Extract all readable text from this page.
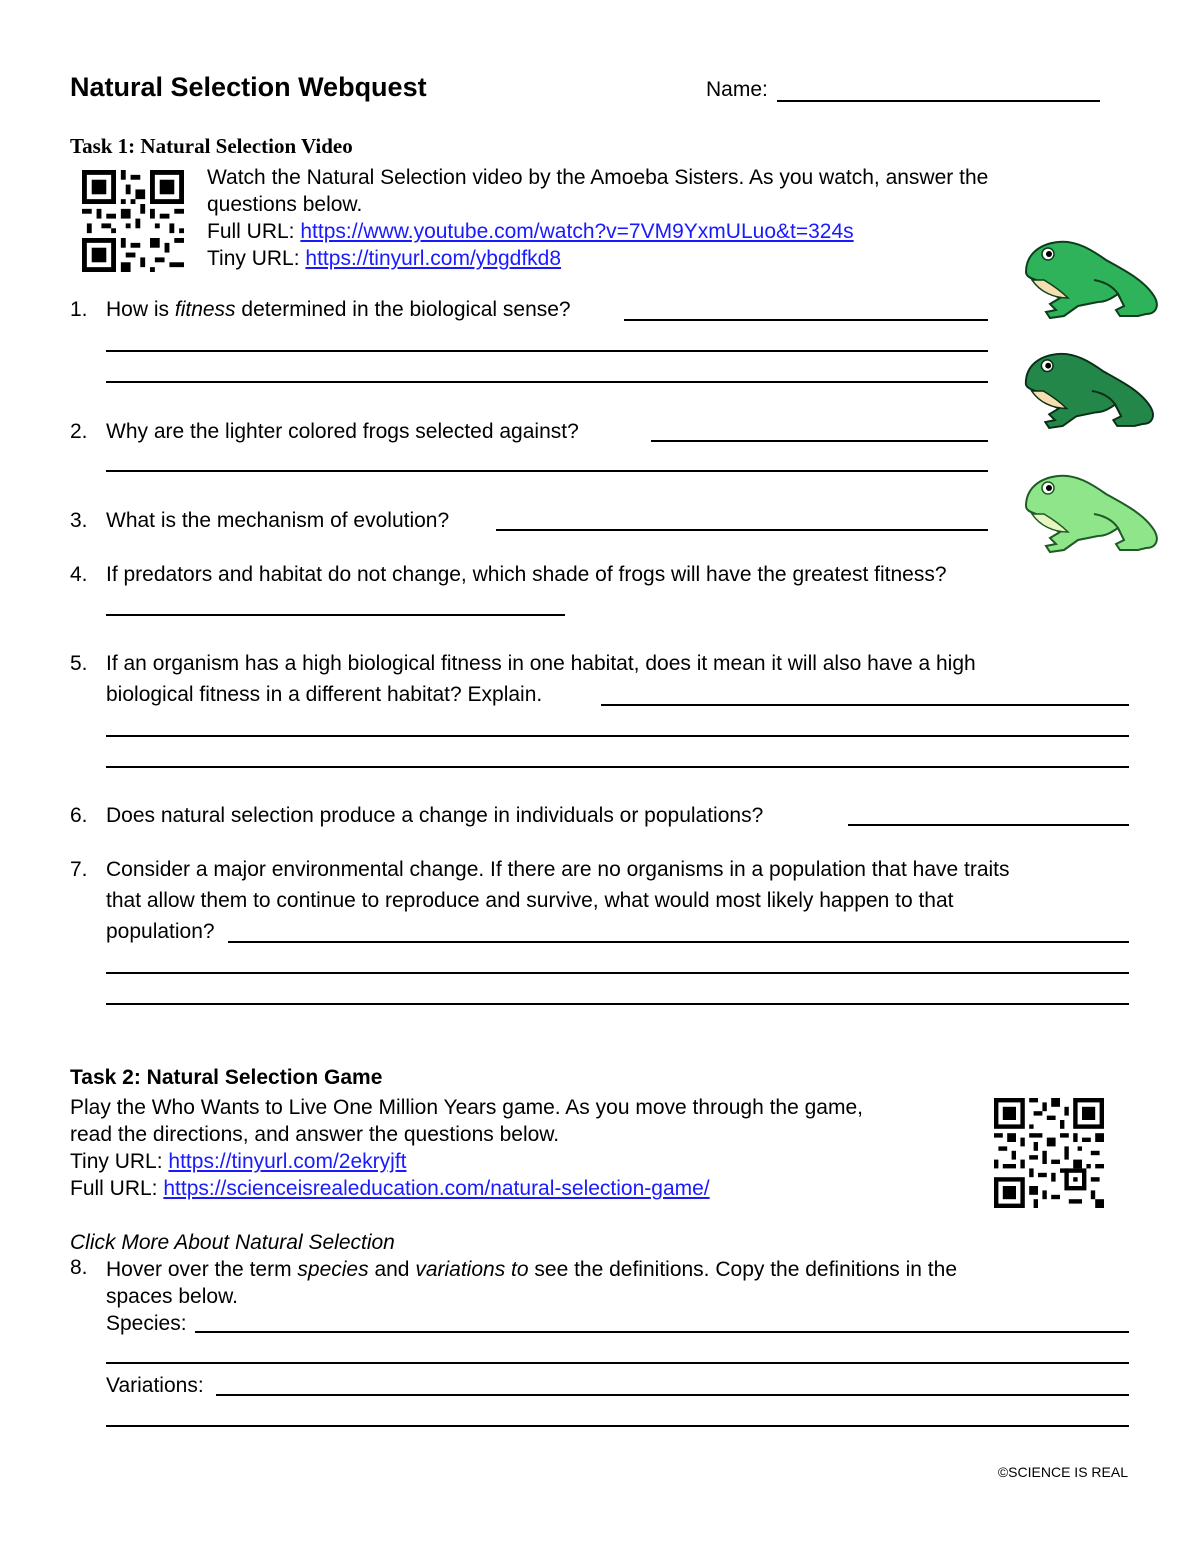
Natural Selection Webquest	Name:
Task 1: Natural Selection Video
Watch the Natural Selection video by the Amoeba Sisters. As you watch, answer the
questions below.
Full URL: https://www.youtube.com/watch?v=7VM9YxmULuo&t=324s
Tiny URL: https://tinyurl.com/ybgdfkd8
1. How is fitness determined in the biological sense?
2. Why are the lighter colored frogs selected against?
3. What is the mechanism of evolution?
4. If predators and habitat do not change, which shade of frogs will have the greatest fitness?
5. If an organism has a high biological fitness in one habitat, does it mean it will also have a high
biological fitness in a different habitat? Explain.
6. Does natural selection produce a change in individuals or populations?
7. Consider a major environmental change. If there are no organisms in a population that have traits
that allow them to continue to reproduce and survive, what would most likely happen to that
population?
Task 2: Natural Selection Game
Play the Who Wants to Live One Million Years game. As you move through the game,
read the directions, and answer the questions below.
Tiny URL: https://tinyurl.com/2ekryjft
Full URL: https://scienceisrealeducation.com/natural-selection-game/
Click More About Natural Selection
8. Hover over the term species and variations to see the definitions. Copy the definitions in the
spaces below.
Species:
Variations:
©SCIENCE IS REAL
